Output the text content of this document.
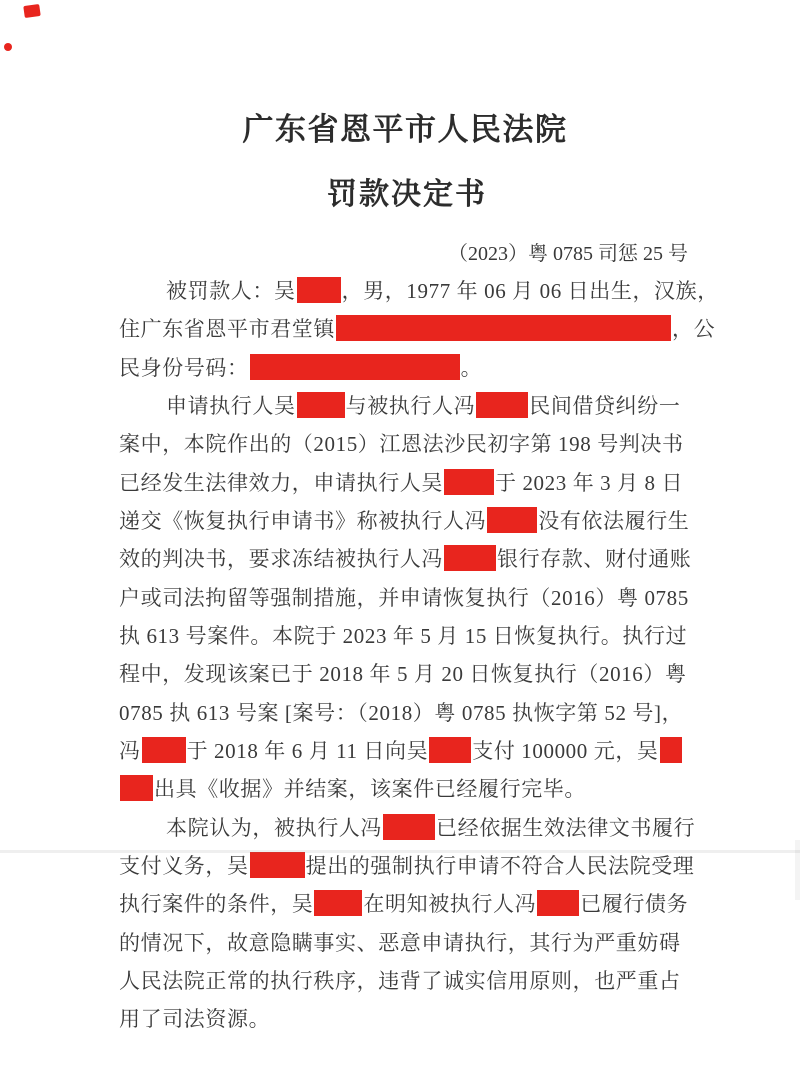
广东省恩平市人民法院
罚款决定书
（2023）粤 0785 司惩 25 号
被罚款人：吴 ，男，1977 年 06 月 06 日出生，汉族，
住广东省恩平市君堂镇	，公
民身份号码：	。
申请执行人吴 与被执行人冯	民间借贷纠纷一
案中，本院作出的（2015）江恩法沙民初字第 198 号判决书
已经发生法律效力，申请执行人吴 于 2023 年 3 月 8 日
递交《恢复执行申请书》称被执行人冯 没有依法履行生
效的判决书，要求冻结被执行人冯	银行存款、财付通账
户或司法拘留等强制措施，并申请恢复执行（2016）粤 0785
执 613 号案件。本院于 2023 年 5 月 15 日恢复执行。执行过
程中，发现该案已于 2018 年 5 月 20 日恢复执行（2016）粤
0785 执 613 号案 [案号：（2018）粤 0785 执恢字第 52 号]，
冯 于 2018 年 6 月 11 日向吴 支付 100000 元，吴
出具《收据》并结案，该案件已经履行完毕。
本院认为，被执行人冯	已经依据生效法律文书履行
支付义务，吴	提出的强制执行申请不符合人民法院受理
执行案件的条件，吴 在明知被执行人冯 已履行债务
的情况下，故意隐瞒事实、恶意申请执行，其行为严重妨碍
人民法院正常的执行秩序，违背了诚实信用原则，也严重占
用了司法资源。
